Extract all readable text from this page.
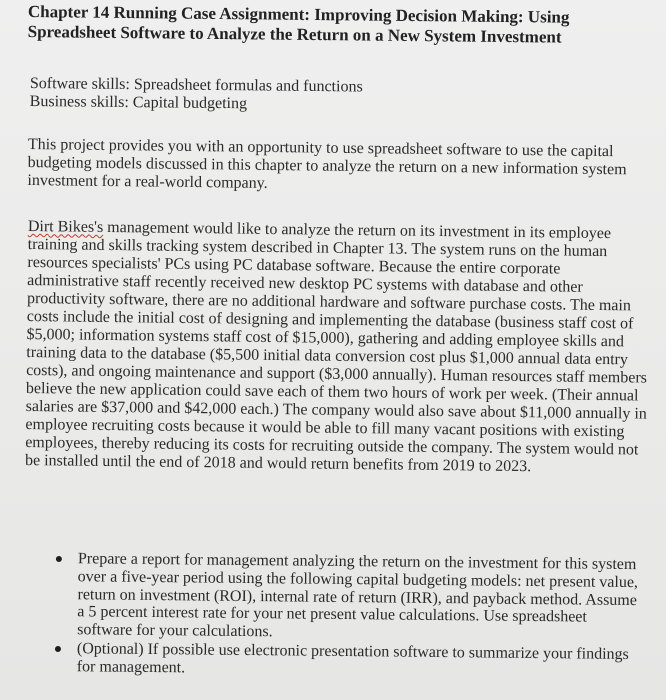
Chapter 14 Running Case Assignment: Improving Decision Making: Using Spreadsheet Software to Analyze the Return on a New System Investment
Software skills: Spreadsheet formulas and functions
Business skills: Capital budgeting

This project provides you with an opportunity to use spreadsheet software to use the capital budgeting models discussed in this chapter to analyze the return on a new information system investment for a real-world company.

Dirt Bikes's management would like to analyze the return on its investment in its employee training and skills tracking system described in Chapter 13. The system runs on the human resources specialists' PCs using PC database software. Because the entire corporate administrative staff recently received new desktop PC systems with database and other productivity software, there are no additional hardware and software purchase costs. The main costs include the initial cost of designing and implementing the database (business staff cost of $5,000; information systems staff cost of $15,000), gathering and adding employee skills and training data to the database ($5,500 initial data conversion cost plus $1,000 annual data entry costs), and ongoing maintenance and support ($3,000 annually). Human resources staff members believe the new application could save each of them two hours of work per week. (Their annual salaries are $37,000 and $42,000 each.) The company would also save about $11,000 annually in employee recruiting costs because it would be able to fill many vacant positions with existing employees, thereby reducing its costs for recruiting outside the company. The system would not be installed until the end of 2018 and would return benefits from 2019 to 2023.

Prepare a report for management analyzing the return on the investment for this system over a five-year period using the following capital budgeting models: net present value, return on investment (ROI), internal rate of return (IRR), and payback method. Assume a 5 percent interest rate for your net present value calculations. Use spreadsheet software for your calculations.
(Optional) If possible use electronic presentation software to summarize your findings for management.
